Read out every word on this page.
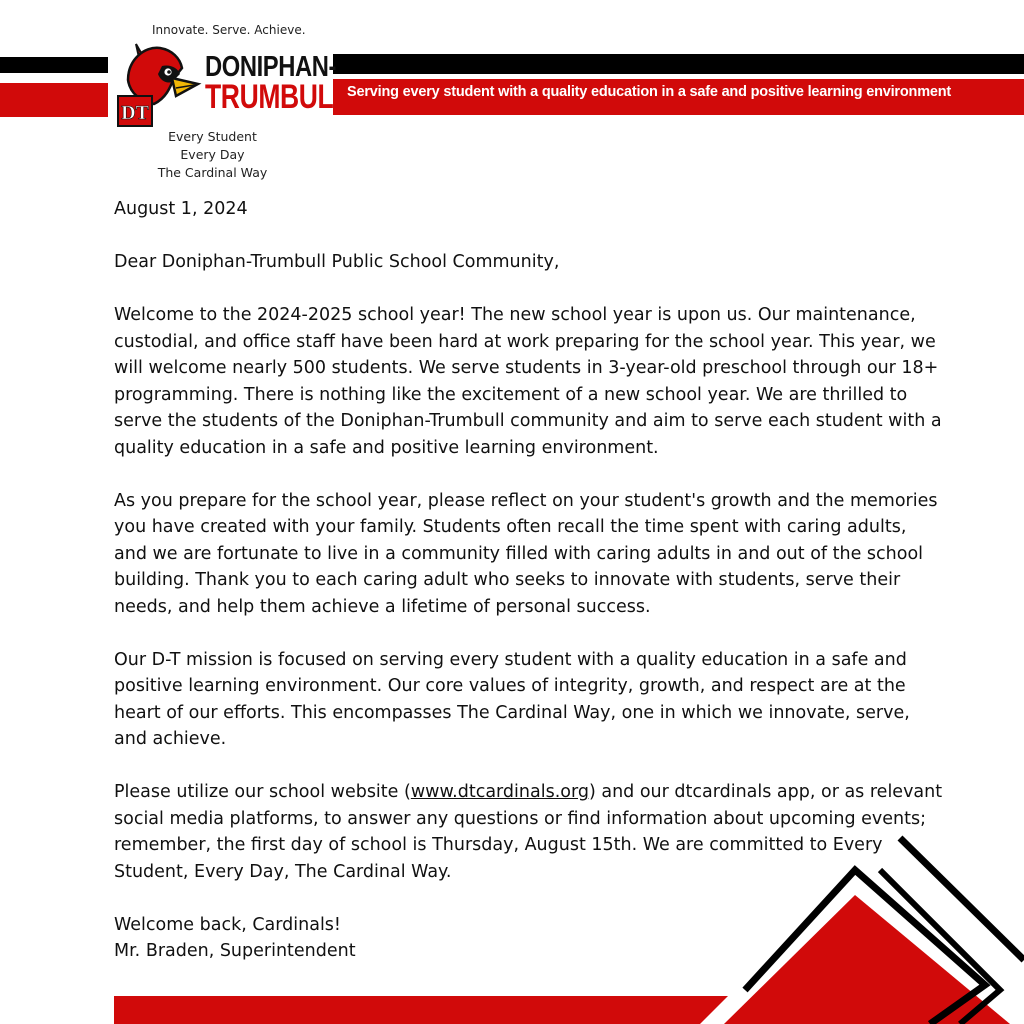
Serving every student with a quality education in a safe and positive learning environment
Innovate. Serve. Achieve.
DT
DONIPHAN-
TRUMBULL
Every Student
Every Day
The Cardinal Way

August 1, 2024

Dear Doniphan-Trumbull Public School Community,

Welcome to the 2024-2025 school year! The new school year is upon us. Our maintenance, custodial, and office staff have been hard at work preparing for the school year. This year, we will welcome nearly 500 students. We serve students in 3-year-old preschool through our 18+ programming. There is nothing like the excitement of a new school year. We are thrilled to serve the students of the Doniphan-Trumbull community and aim to serve each student with a quality education in a safe and positive learning environment.

As you prepare for the school year, please reflect on your student's growth and the memories you have created with your family. Students often recall the time spent with caring adults, and we are fortunate to live in a community filled with caring adults in and out of the school building. Thank you to each caring adult who seeks to innovate with students, serve their needs, and help them achieve a lifetime of personal success.

Our D-T mission is focused on serving every student with a quality education in a safe and positive learning environment. Our core values of integrity, growth, and respect are at the heart of our efforts. This encompasses The Cardinal Way, one in which we innovate, serve, and achieve.

Please utilize our school website (www.dtcardinals.org) and our dtcardinals app, or as relevant social media platforms, to answer any questions or find information about upcoming events; remember, the first day of school is Thursday, August 15th. We are committed to Every Student, Every Day, The Cardinal Way.

Welcome back, Cardinals!

Mr. Braden, Superintendent
